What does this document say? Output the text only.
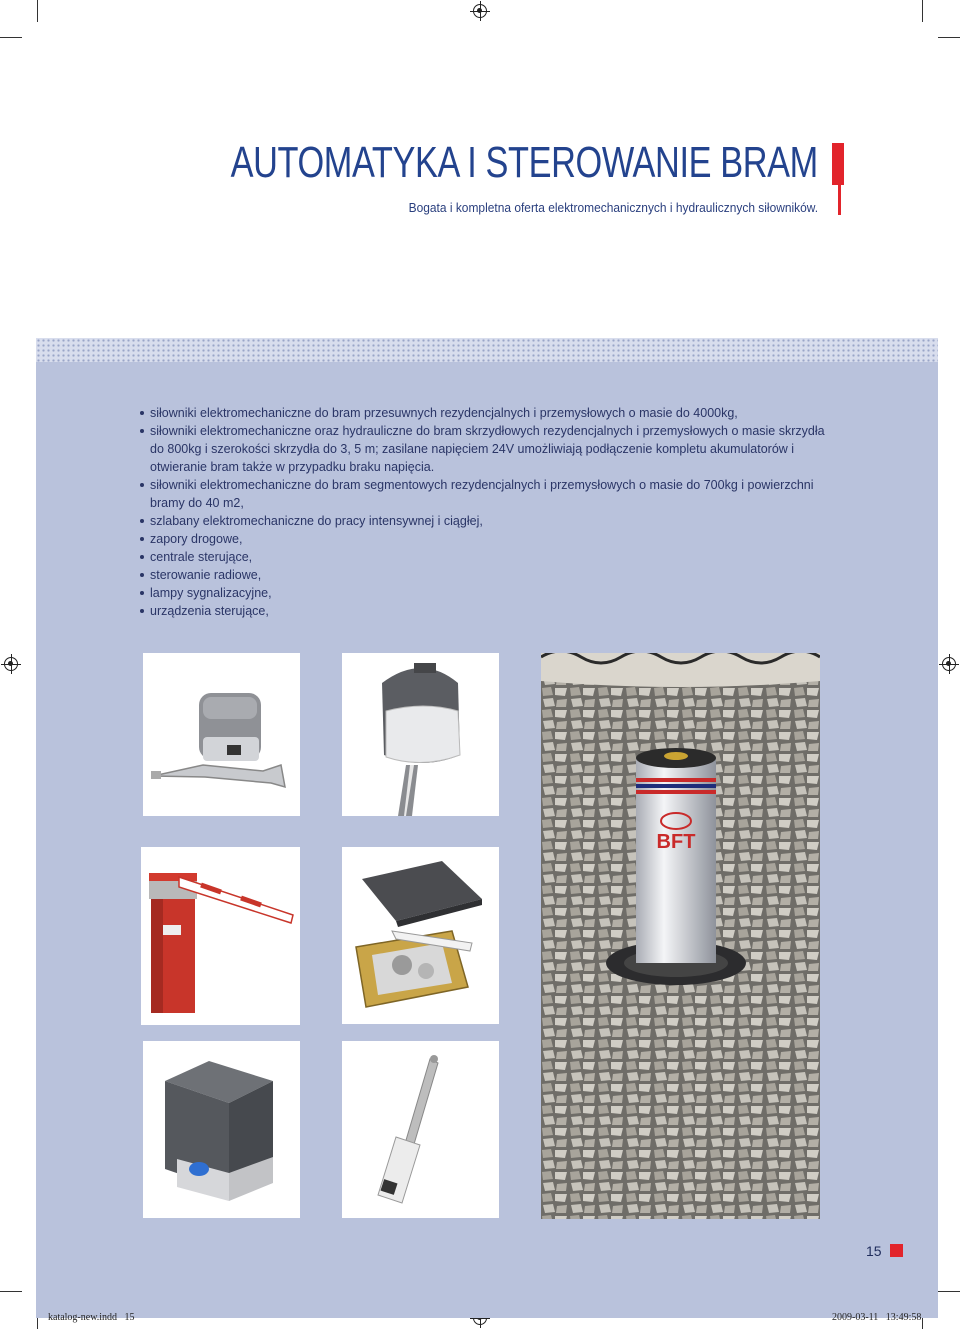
AUTOMATYKA I STEROWANIE BRAM

Bogata i kompletna oferta elektromechanicznych i hydraulicznych siłowników.

siłowniki elektromechaniczne do bram przesuwnych rezydencjalnych i przemysłowych o masie do 4000kg,
siłowniki elektromechaniczne oraz hydrauliczne do bram skrzydłowych rezydencjalnych i przemysłowych o masie skrzydła do 800kg i szerokości skrzydła do 3, 5 m; zasilane napięciem 24V umożliwiają podłączenie kompletu akumulatorów i otwieranie bram także w przypadku braku napięcia.
siłowniki elektromechaniczne do bram segmentowych rezydencjalnych i przemysłowych o masie do 700kg i powierzchni bramy do 40 m2,
szlabany elektromechaniczne do pracy intensywnej i ciągłej,
zapory drogowe,
centrale sterujące,
sterowanie radiowe,
lampy sygnalizacyjne,
urządzenia sterujące,
BFT
15
katalog-new.indd   15	2009-03-11   13:49:58
